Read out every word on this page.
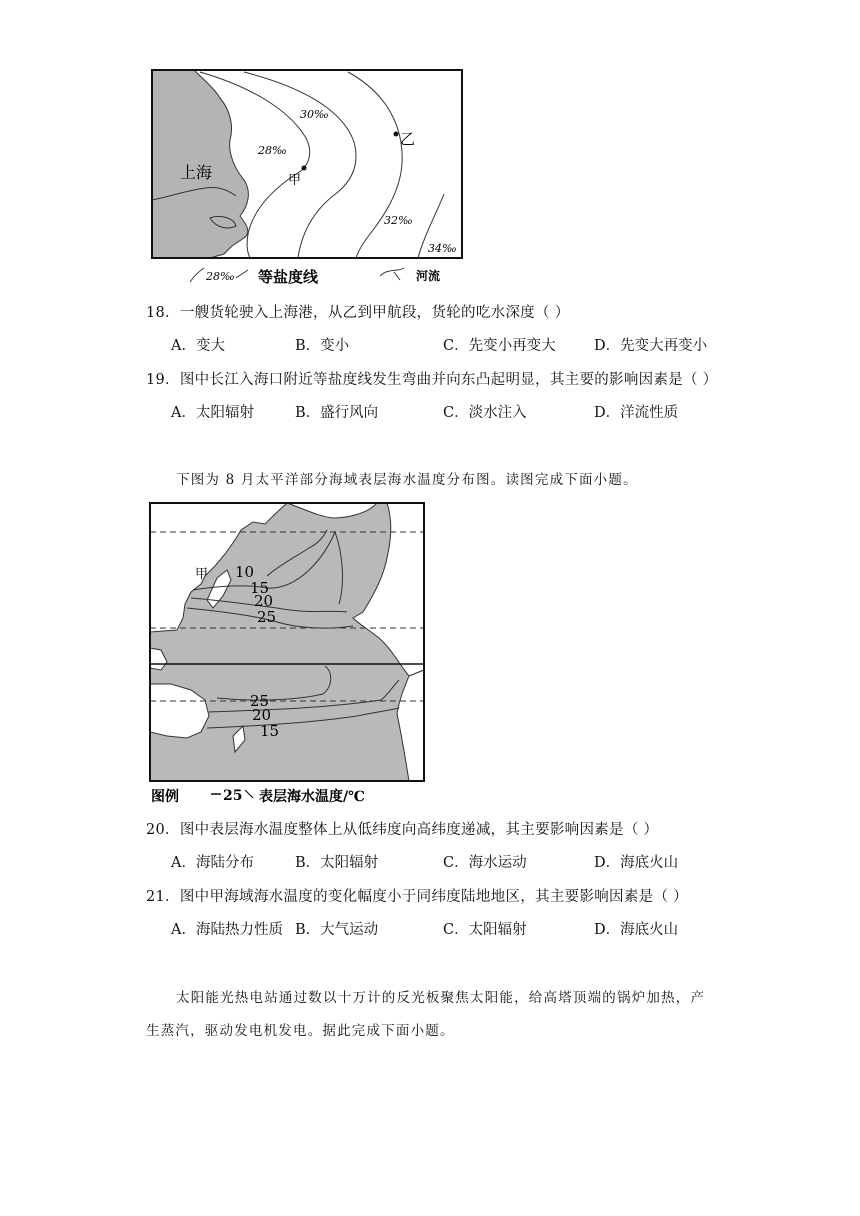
上海	甲
乙
28‰
30‰
32‰
34‰
28‰ 等盐度线	河流
18．一艘货轮驶入上海港，从乙到甲航段，货轮的吃水深度（ ）
A．变大	B．变小	C．先变小再变大	D．先变大再变小
19．图中长江入海口附近等盐度线发生弯曲并向东凸起明显，其主要的影响因素是（ ）
A．太阳辐射	B．盛行风向	C．淡水注入	D．洋流性质
下图为 8 月太平洋部分海域表层海水温度分布图。读图完成下面小题。
甲 10
15
20
25
25
20
15
图例	25 表层海水温度/℃
20．图中表层海水温度整体上从低纬度向高纬度递减，其主要影响因素是（ ）
A．海陆分布	B．太阳辐射	C．海水运动	D．海底火山
21．图中甲海域海水温度的变化幅度小于同纬度陆地地区，其主要影响因素是（ ）
A．海陆热力性质 B．大气运动	C．太阳辐射	D．海底火山
太阳能光热电站通过数以十万计的反光板聚焦太阳能，给高塔顶端的锅炉加热，产
生蒸汽，驱动发电机发电。据此完成下面小题。
